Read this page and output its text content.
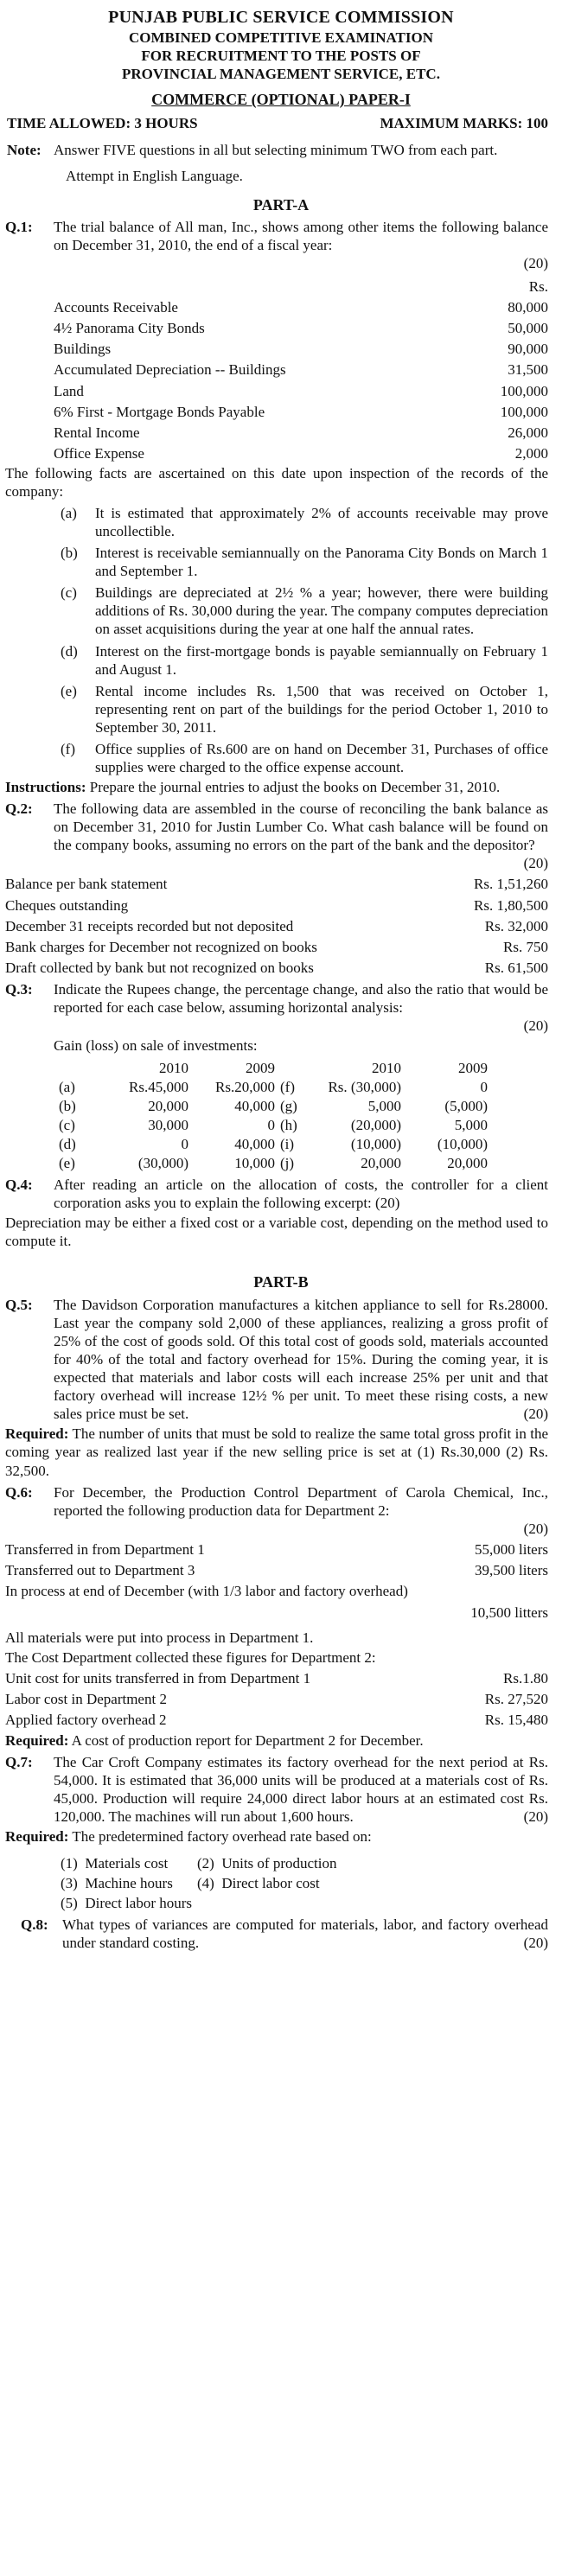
PUNJAB PUBLIC SERVICE COMMISSION
COMBINED COMPETITIVE EXAMINATION
FOR RECRUITMENT TO THE POSTS OF
PROVINCIAL MANAGEMENT SERVICE, ETC.
COMMERCE (OPTIONAL) PAPER-I
TIME ALLOWED: 3 HOURS	MAXIMUM MARKS: 100
Note: Answer FIVE questions in all but selecting minimum TWO from each part.
Attempt in English Language.
PART-A
Q.1:	The trial balance of All man, Inc., shows among other items the following balance on December 31, 2010, the end of a fiscal year:
(20)
Rs.
Accounts Receivable	80,000
4½ Panorama City Bonds	50,000
Buildings	90,000
Accumulated Depreciation -- Buildings	31,500
Land	100,000
6% First - Mortgage Bonds Payable	100,000
Rental Income	26,000
Office Expense	2,000
The following facts are ascertained on this date upon inspection of the records of the company:
(a)	It is estimated that approximately 2% of accounts receivable may prove uncollectible.
(b)	Interest is receivable semiannually on the Panorama City Bonds on March 1 and September 1.
(c)	Buildings are depreciated at 2½ % a year; however, there were building additions of Rs. 30,000 during the year. The company computes depreciation on asset acquisitions during the year at one half the annual rates.
(d)	Interest on the first-mortgage bonds is payable semiannually on February 1 and August 1.
(e)	Rental income includes Rs. 1,500 that was received on October 1, representing rent on part of the buildings for the period October 1, 2010 to September 30, 2011.
(f)	Office supplies of Rs.600 are on hand on December 31, Purchases of office supplies were charged to the office expense account.
Instructions: Prepare the journal entries to adjust the books on December 31, 2010.
Q.2:	The following data are assembled in the course of reconciling the bank balance as on December 31, 2010 for Justin Lumber Co. What cash balance will be found on the company books, assuming no errors on the part of the bank and the depositor?
(20)
Balance per bank statement	Rs. 1,51,260
Cheques outstanding	Rs. 1,80,500
December 31 receipts recorded but not deposited	Rs. 32,000
Bank charges for December not recognized on books	Rs. 750
Draft collected by bank but not recognized on books	Rs. 61,500
Q.3:	Indicate the Rupees change, the percentage change, and also the ratio that would be reported for each case below, assuming horizontal analysis:
(20)
Gain (loss) on sale of investments:
2010	2009	2010	2009
(a)	Rs.45,000	Rs.20,000 (f)	Rs. (30,000)	0
(b)	20,000	40,000 (g)	5,000	(5,000)
(c)	30,000	0 (h)	(20,000)	5,000
(d)	0	40,000 (i)	(10,000)	(10,000)
(e)	(30,000)	10,000 (j)	20,000	20,000
Q.4:	After reading an article on the allocation of costs, the controller for a client corporation asks you to explain the following excerpt: (20)
Depreciation may be either a fixed cost or a variable cost, depending on the method used to compute it.
PART-B
Q.5:	The Davidson Corporation manufactures a kitchen appliance to sell for Rs.28000. Last year the company sold 2,000 of these appliances, realizing a gross profit of 25% of the cost of goods sold. Of this total cost of goods sold, materials accounted for 40% of the total and factory overhead for 15%. During the coming year, it is expected that materials and labor costs will each increase 25% per unit and that factory overhead will increase 12½ % per unit. To meet these rising costs, a new sales price must be set.	(20)
Required: The number of units that must be sold to realize the same total gross profit in the coming year as realized last year if the new selling price is set at (1) Rs.30,000 (2) Rs. 32,500.
Q.6:	For December, the Production Control Department of Carola Chemical, Inc., reported the following production data for Department 2:
(20)
Transferred in from Department 1	55,000 liters
Transferred out to Department 3	39,500 liters
In process at end of December (with 1/3 labor and factory overhead)
10,500 litters
All materials were put into process in Department 1.
The Cost Department collected these figures for Department 2:
Unit cost for units transferred in from Department 1	Rs.1.80
Labor cost in Department 2	Rs. 27,520
Applied factory overhead 2	Rs. 15,480
Required: A cost of production report for Department 2 for December.
Q.7:	The Car Croft Company estimates its factory overhead for the next period at Rs. 54,000. It is estimated that 36,000 units will be produced at a materials cost of Rs. 45,000. Production will require 24,000 direct labor hours at an estimated cost Rs. 120,000. The machines will run about 1,600 hours.	(20)
Required: The predetermined factory overhead rate based on:
(1) Materials cost	(2) Units of production
(3) Machine hours	(4) Direct labor cost
(5) Direct labor hours
Q.8: What types of variances are computed for materials, labor, and factory overhead under standard costing.	(20)
